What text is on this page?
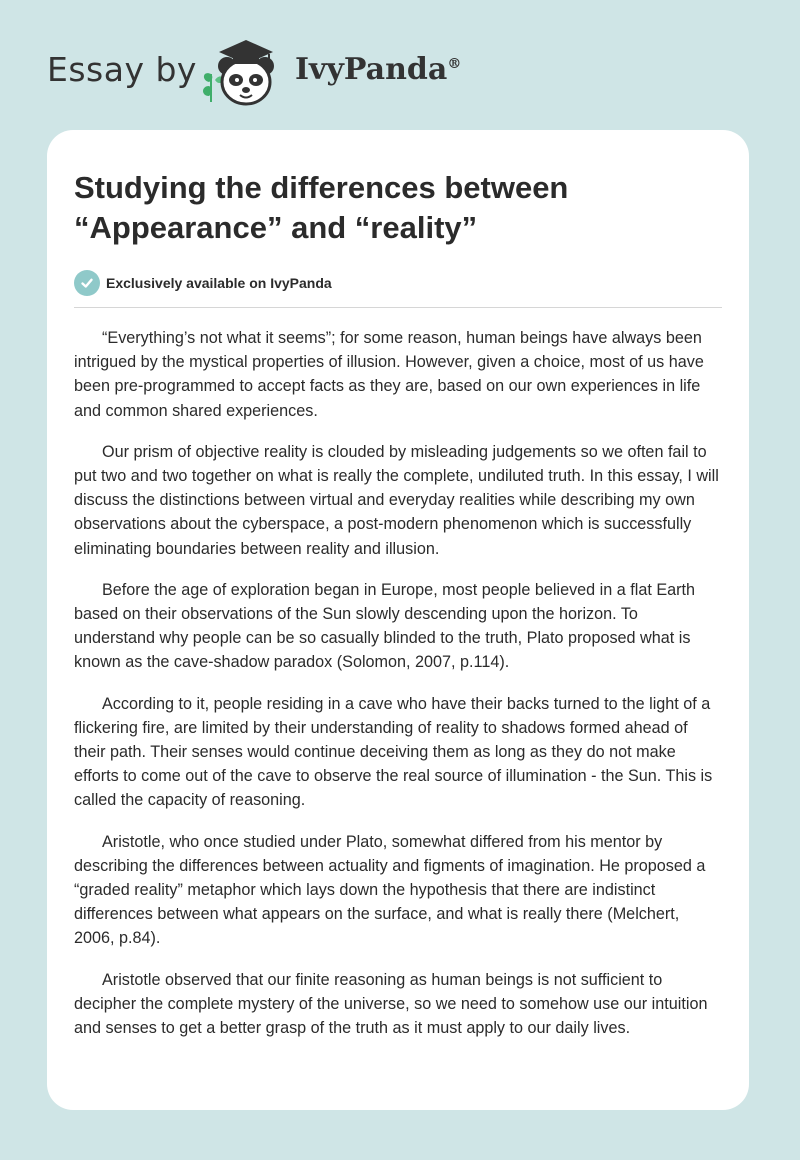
Essay by	IvyPanda®
Studying the differences between “Appearance” and “reality”
Exclusively available on IvyPanda

“Everything’s not what it seems”; for some reason, human beings have always been intrigued by the mystical properties of illusion. However, given a choice, most of us have been pre-programmed to accept facts as they are, based on our own experiences in life and common shared experiences.

Our prism of objective reality is clouded by misleading judgements so we often fail to put two and two together on what is really the complete, undiluted truth. In this essay, I will discuss the distinctions between virtual and everyday realities while describing my own observations about the cyberspace, a post-modern phenomenon which is successfully eliminating boundaries between reality and illusion.

Before the age of exploration began in Europe, most people believed in a flat Earth based on their observations of the Sun slowly descending upon the horizon. To understand why people can be so casually blinded to the truth, Plato proposed what is known as the cave-shadow paradox (Solomon, 2007, p.114).

According to it, people residing in a cave who have their backs turned to the light of a flickering fire, are limited by their understanding of reality to shadows formed ahead of their path. Their senses would continue deceiving them as long as they do not make efforts to come out of the cave to observe the real source of illumination - the Sun. This is called the capacity of reasoning.

Aristotle, who once studied under Plato, somewhat differed from his mentor by describing the differences between actuality and figments of imagination. He proposed a “graded reality” metaphor which lays down the hypothesis that there are indistinct differences between what appears on the surface, and what is really there (Melchert, 2006, p.84).

Aristotle observed that our finite reasoning as human beings is not sufficient to decipher the complete mystery of the universe, so we need to somehow use our intuition and senses to get a better grasp of the truth as it must apply to our daily lives.
